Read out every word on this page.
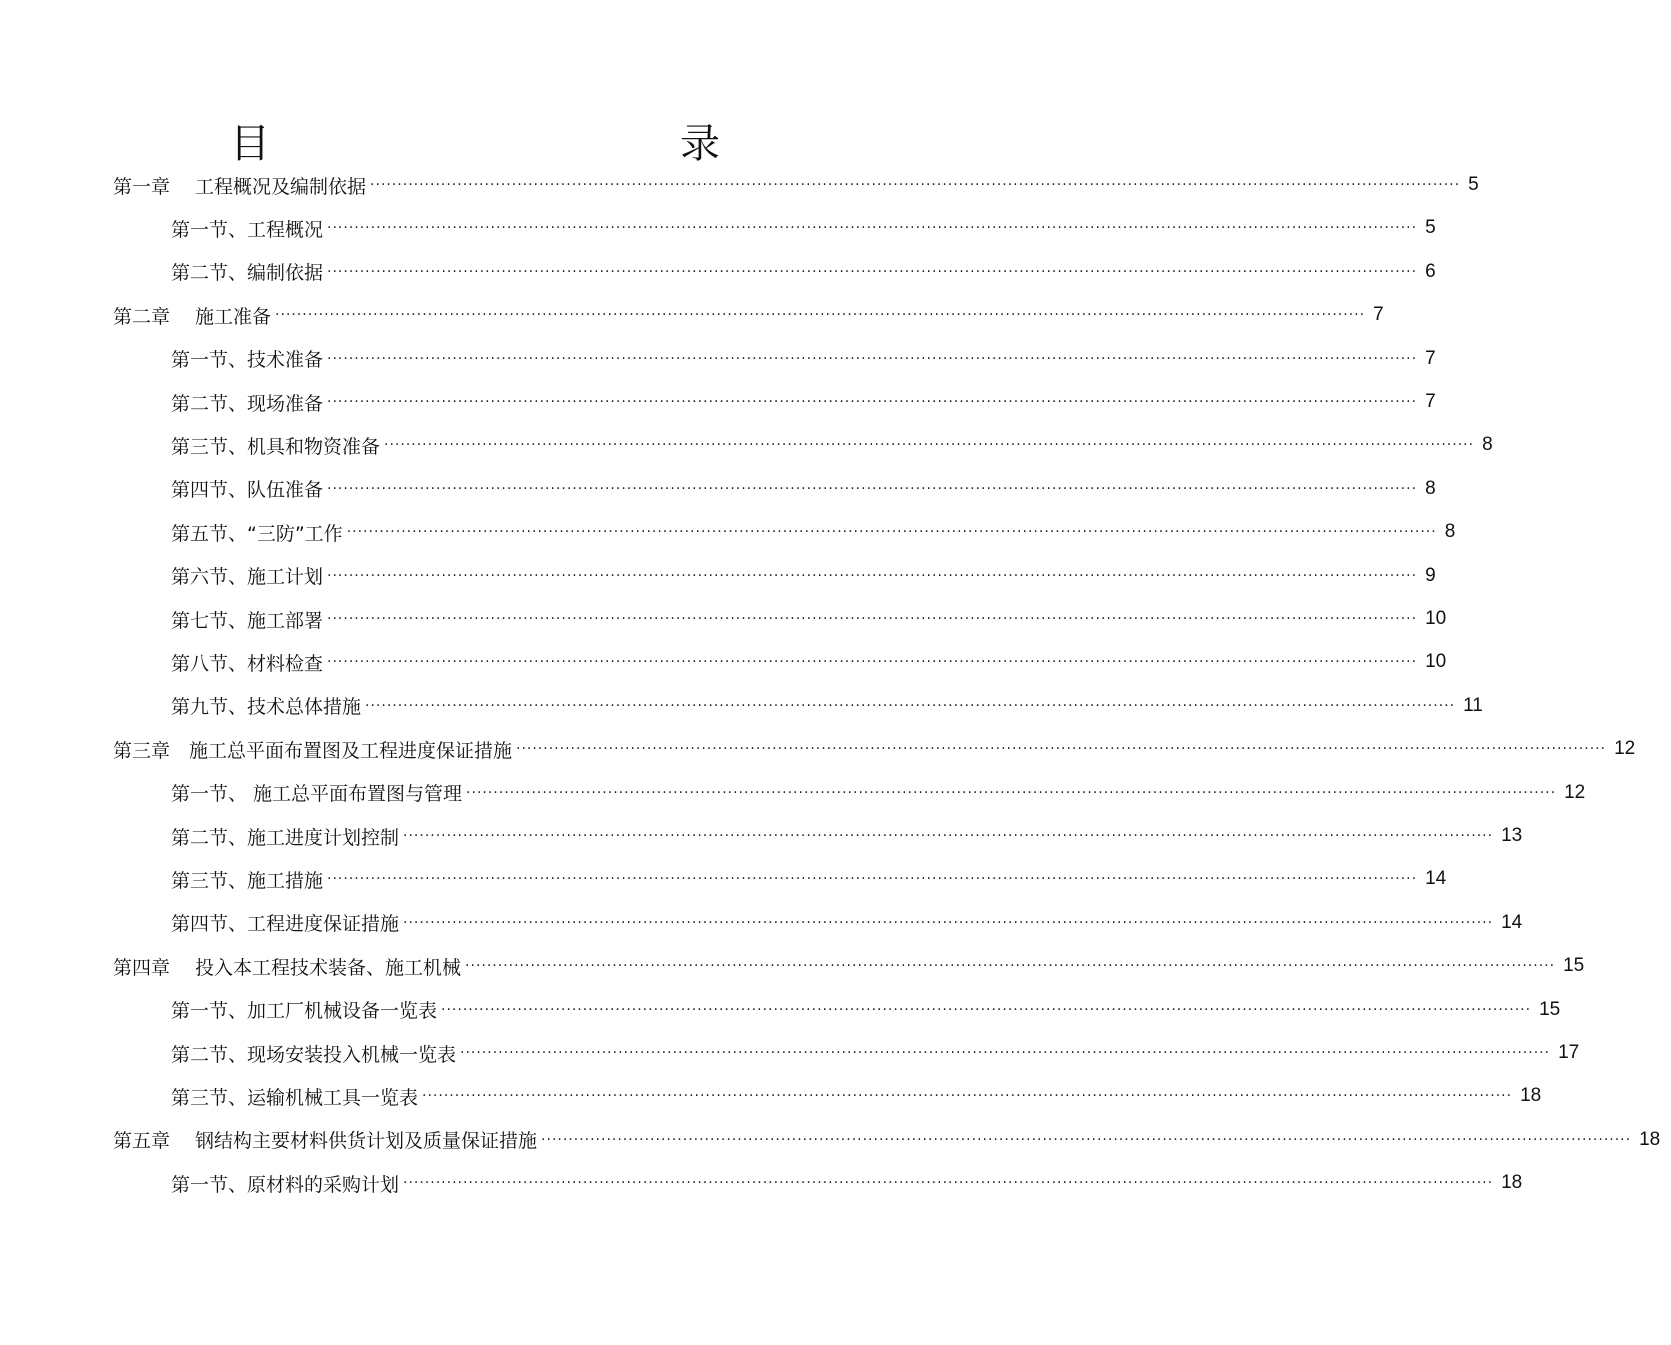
目　　录
第一章　 工程概况及编制依据 ········································································································································································································ 5
第一节、工程概况 ········································································································································································································ 5
第二节、编制依据 ········································································································································································································ 6
第二章　 施工准备 ········································································································································································································ 7
第一节、技术准备 ········································································································································································································ 7
第二节、现场准备 ········································································································································································································ 7
第三节、机具和物资准备 ········································································································································································································ 8
第四节、队伍准备 ········································································································································································································ 8
第五节、“三防”工作 ········································································································································································································ 8
第六节、施工计划 ········································································································································································································ 9
第七节、施工部署 ········································································································································································································ 10
第八节、材料检查 ········································································································································································································ 10
第九节、技术总体措施 ········································································································································································································ 11
第三章　施工总平面布置图及工程进度保证措施 ········································································································································································································ 12
第一节、 施工总平面布置图与管理 ········································································································································································································ 12
第二节、施工进度计划控制 ········································································································································································································ 13
第三节、施工措施 ········································································································································································································ 14
第四节、工程进度保证措施 ········································································································································································································ 14
第四章　 投入本工程技术装备、施工机械 ········································································································································································································ 15
第一节、加工厂机械设备一览表 ········································································································································································································ 15
第二节、现场安装投入机械一览表 ········································································································································································································ 17
第三节、运输机械工具一览表 ········································································································································································································ 18
第五章　 钢结构主要材料供货计划及质量保证措施 ········································································································································································································ 18
第一节、原材料的采购计划 ········································································································································································································ 18
